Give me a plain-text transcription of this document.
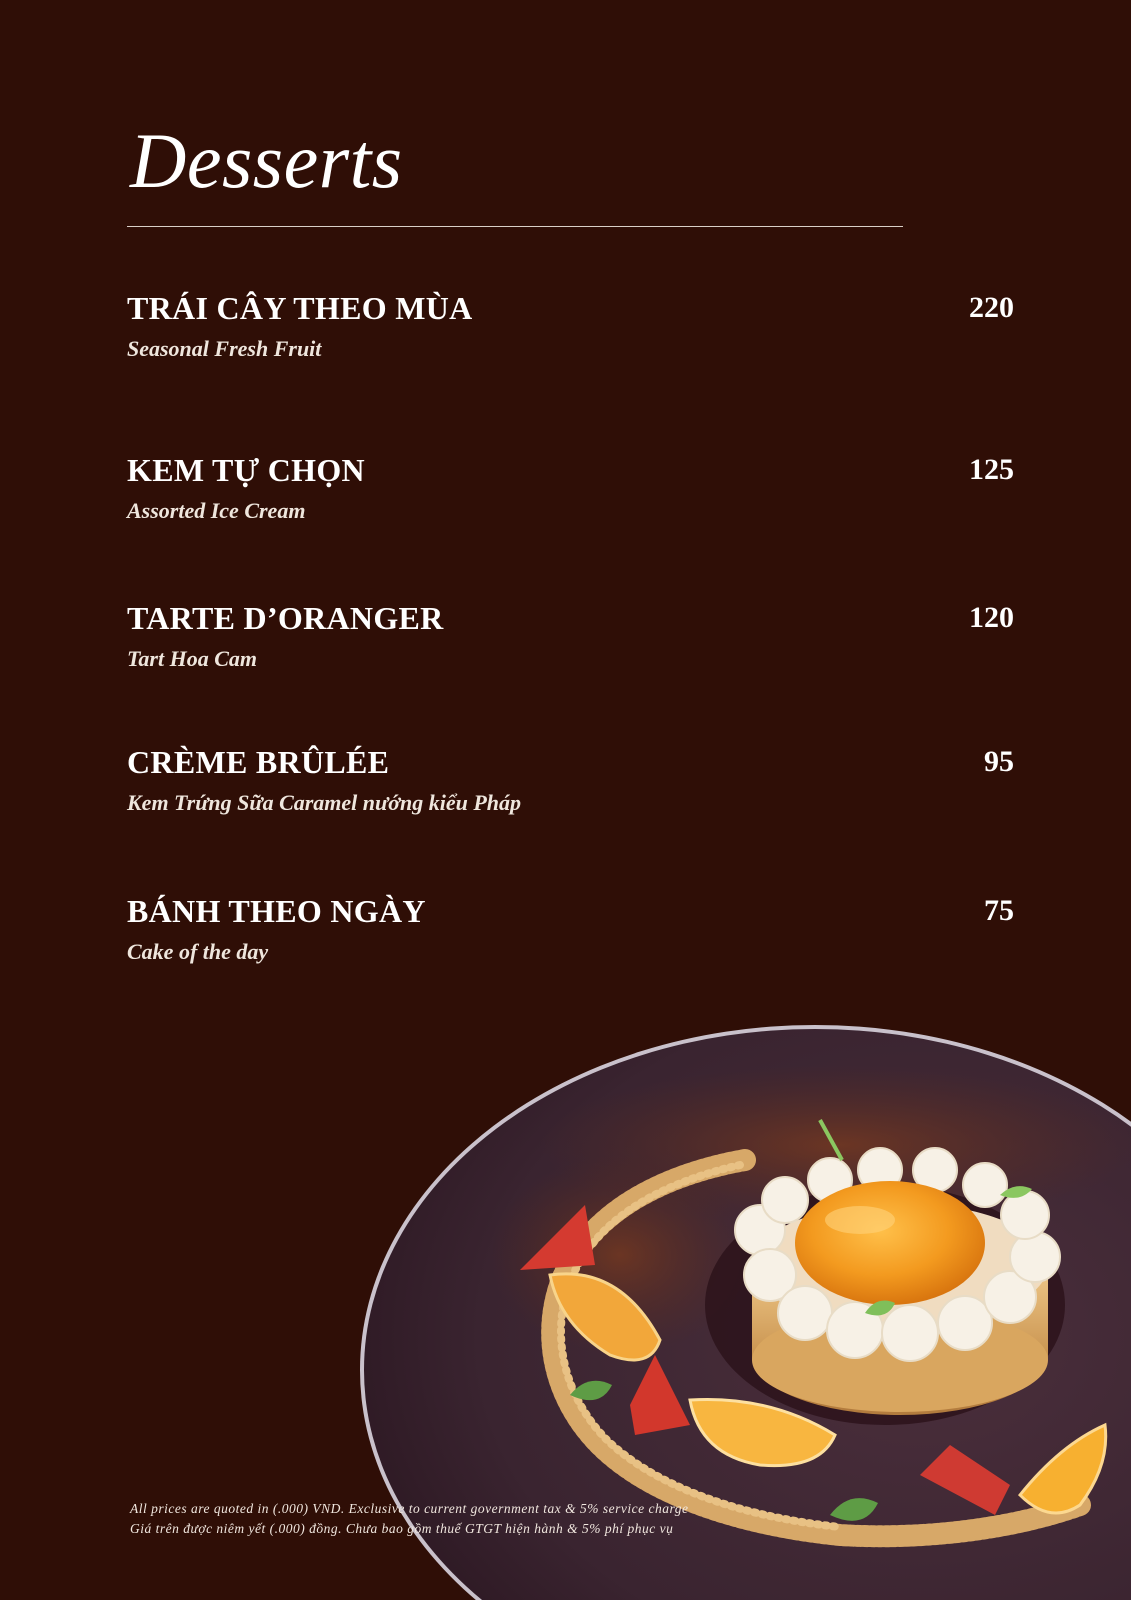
Desserts
TRÁI CÂY THEO MÙA
Seasonal Fresh Fruit
220
KEM TỰ CHỌN
Assorted Ice Cream
125
TARTE D’ORANGER
Tart Hoa Cam
120
CRÈME BRÛLÉE
Kem Trứng Sữa Caramel nướng kiểu Pháp
95
BÁNH THEO NGÀY
Cake of the day
75
All prices are quoted in (.000) VND. Exclusive to current government tax & 5% service charge
Giá trên được niêm yết (.000) đồng. Chưa bao gồm thuế GTGT hiện hành & 5% phí phục vụ
